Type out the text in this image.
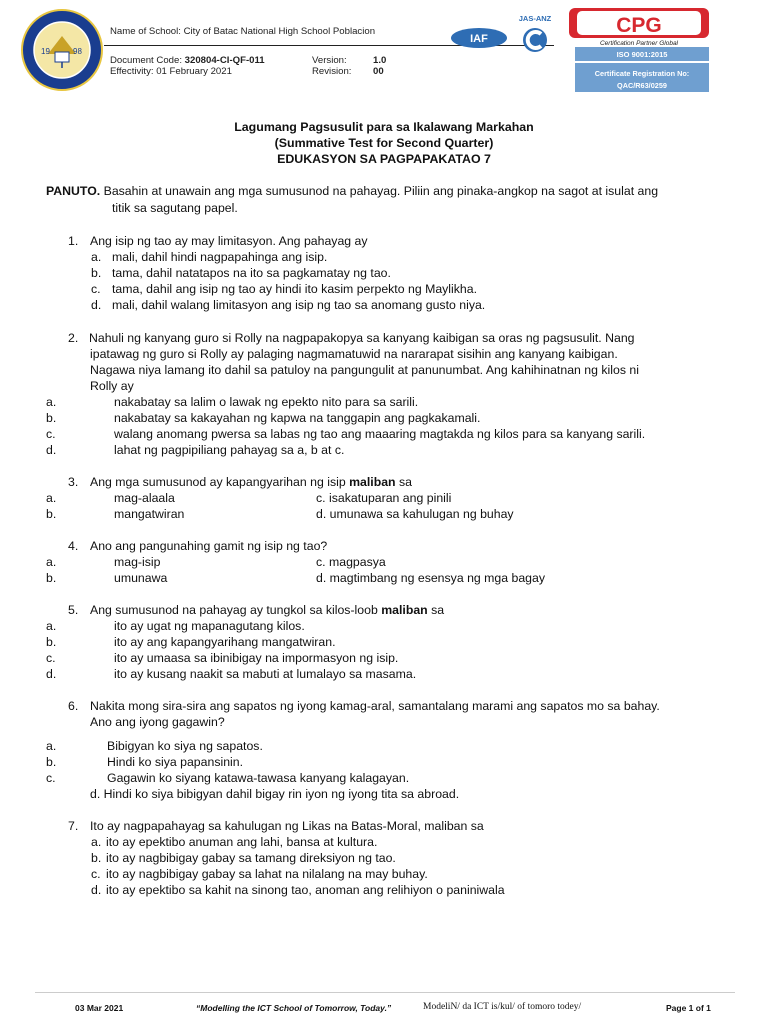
19	98
Name of School: City of Batac National High School Poblacion
Document Code: 320804-CI-QF-011
Effectivity: 01 February 2021
Version:	1.0
Revision: 00
IAF
JAS-ANZ	CPG
Certification Partner Global
ISO 9001:2015
Certificate Registration No:
QAC/R63/0259
Lagumang Pagsusulit para sa Ikalawang Markahan
(Summative Test for Second Quarter)
EDUKASYON SA PAGPAPAKATAO 7
PANUTO. Basahin at unawain ang mga sumusunod na pahayag. Piliin ang pinaka-angkop na sagot at isulat ang
titik sa sagutang papel.
1. Ang isip ng tao ay may limitasyon. Ang pahayag ay
a. mali, dahil hindi nagpapahinga ang isip.
b. tama, dahil natatapos na ito sa pagkamatay ng tao.
c. tama, dahil ang isip ng tao ay hindi ito kasim perpekto ng Maylikha.
d. mali, dahil walang limitasyon ang isip ng tao sa anomang gusto niya.
2. Nahuli ng kanyang guro si Rolly na nagpapakopya sa kanyang kaibigan sa oras ng pagsusulit. Nang
ipatawag ng guro si Rolly ay palaging nagmamatuwid na nararapat sisihin ang kanyang kaibigan.
Nagawa niya lamang ito dahil sa patuloy na pangungulit at panunumbat. Ang kahihinatnan ng kilos ni
Rolly ay
a.	nakabatay sa lalim o lawak ng epekto nito para sa sarili.
b.	nakabatay sa kakayahan ng kapwa na tanggapin ang pagkakamali.
c.	walang anomang pwersa sa labas ng tao ang maaaring magtakda ng kilos para sa kanyang sarili.
d.	lahat ng pagpipiliang pahayag sa a, b at c.
3. Ang mga sumusunod ay kapangyarihan ng isip maliban sa
a.	mag-alaala	c. isakatuparan ang pinili
b.	mangatwiran	d. umunawa sa kahulugan ng buhay
4. Ano ang pangunahing gamit ng isip ng tao?
a.	mag-isip	c. magpasya
b.	umunawa	d. magtimbang ng esensya ng mga bagay
5. Ang sumusunod na pahayag ay tungkol sa kilos-loob maliban sa
a.	ito ay ugat ng mapanagutang kilos.
b.	ito ay ang kapangyarihang mangatwiran.
c.	ito ay umaasa sa ibinibigay na impormasyon ng isip.
d.	ito ay kusang naakit sa mabuti at lumalayo sa masama.
6. Nakita mong sira-sira ang sapatos ng iyong kamag-aral, samantalang marami ang sapatos mo sa bahay.
Ano ang iyong gagawin?
a.	Bibigyan ko siya ng sapatos.
b.	Hindi ko siya papansinin.
c.	Gagawin ko siyang katawa-tawasa kanyang kalagayan.
d. Hindi ko siya bibigyan dahil bigay rin iyon ng iyong tita sa abroad.
7. Ito ay nagpapahayag sa kahulugan ng Likas na Batas-Moral, maliban sa
a. ito ay epektibo anuman ang lahi, bansa at kultura.
b. ito ay nagbibigay gabay sa tamang direksiyon ng tao.
c. ito ay nagbibigay gabay sa lahat na nilalang na may buhay.
d. ito ay epektibo sa kahit na sinong tao, anoman ang relihiyon o paniniwala
03 Mar 2021	“Modelling the ICT School of Tomorrow, Today.”	ModeliN/ da ICT is/kul/ of tomoro todey/	Page 1 of 1
